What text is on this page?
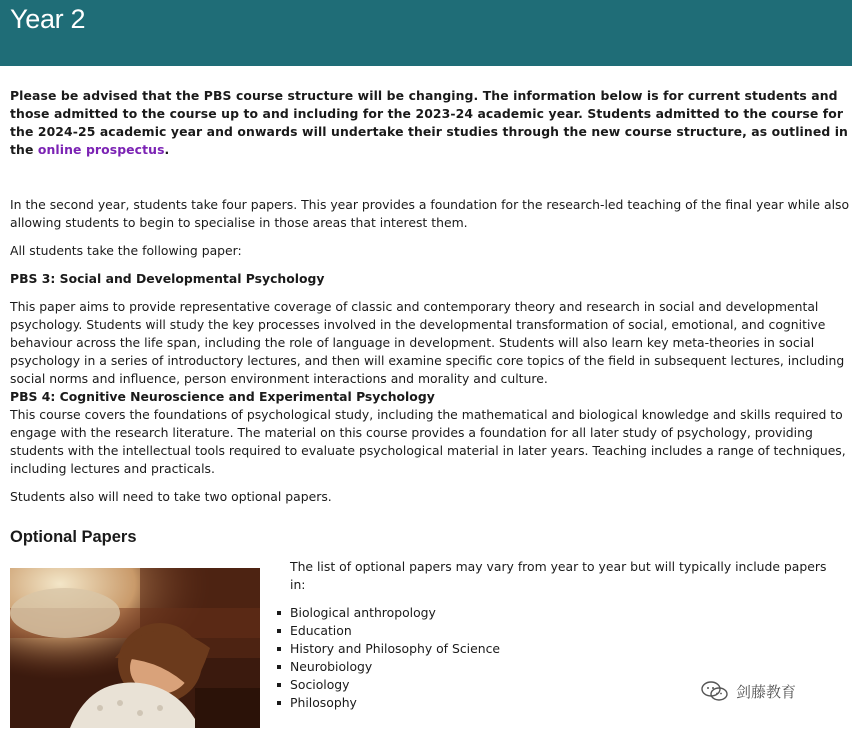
Year 2

Please be advised that the PBS course structure will be changing. The information below is for current students and those admitted to the course up to and including for the 2023-24 academic year. Students admitted to the course for the 2024-25 academic year and onwards will undertake their studies through the new course structure, as outlined in the online prospectus.

In the second year, students take four papers. This year provides a foundation for the research-led teaching of the final year while also allowing students to begin to specialise in those areas that interest them.

All students take the following paper:

PBS 3: Social and Developmental Psychology

This paper aims to provide representative coverage of classic and contemporary theory and research in social and developmental psychology. Students will study the key processes involved in the developmental transformation of social, emotional, and cognitive behaviour across the life span, including the role of language in development. Students will also learn key meta-theories in social psychology in a series of introductory lectures, and then will examine specific core topics of the field in subsequent lectures, including social norms and influence, person environment interactions and morality and culture.

PBS 4: Cognitive Neuroscience and Experimental Psychology

This course covers the foundations of psychological study, including the mathematical and biological knowledge and skills required to engage with the research literature. The material on this course provides a foundation for all later study of psychology, providing students with the intellectual tools required to evaluate psychological material in later years. Teaching includes a range of techniques, including lectures and practicals.

Students also will need to take two optional papers.

Optional Papers

The list of optional papers may vary from year to year but will typically include papers in:

Biological anthropology
Education
History and Philosophy of Science
Neurobiology
Sociology
Philosophy
剑藤教育
